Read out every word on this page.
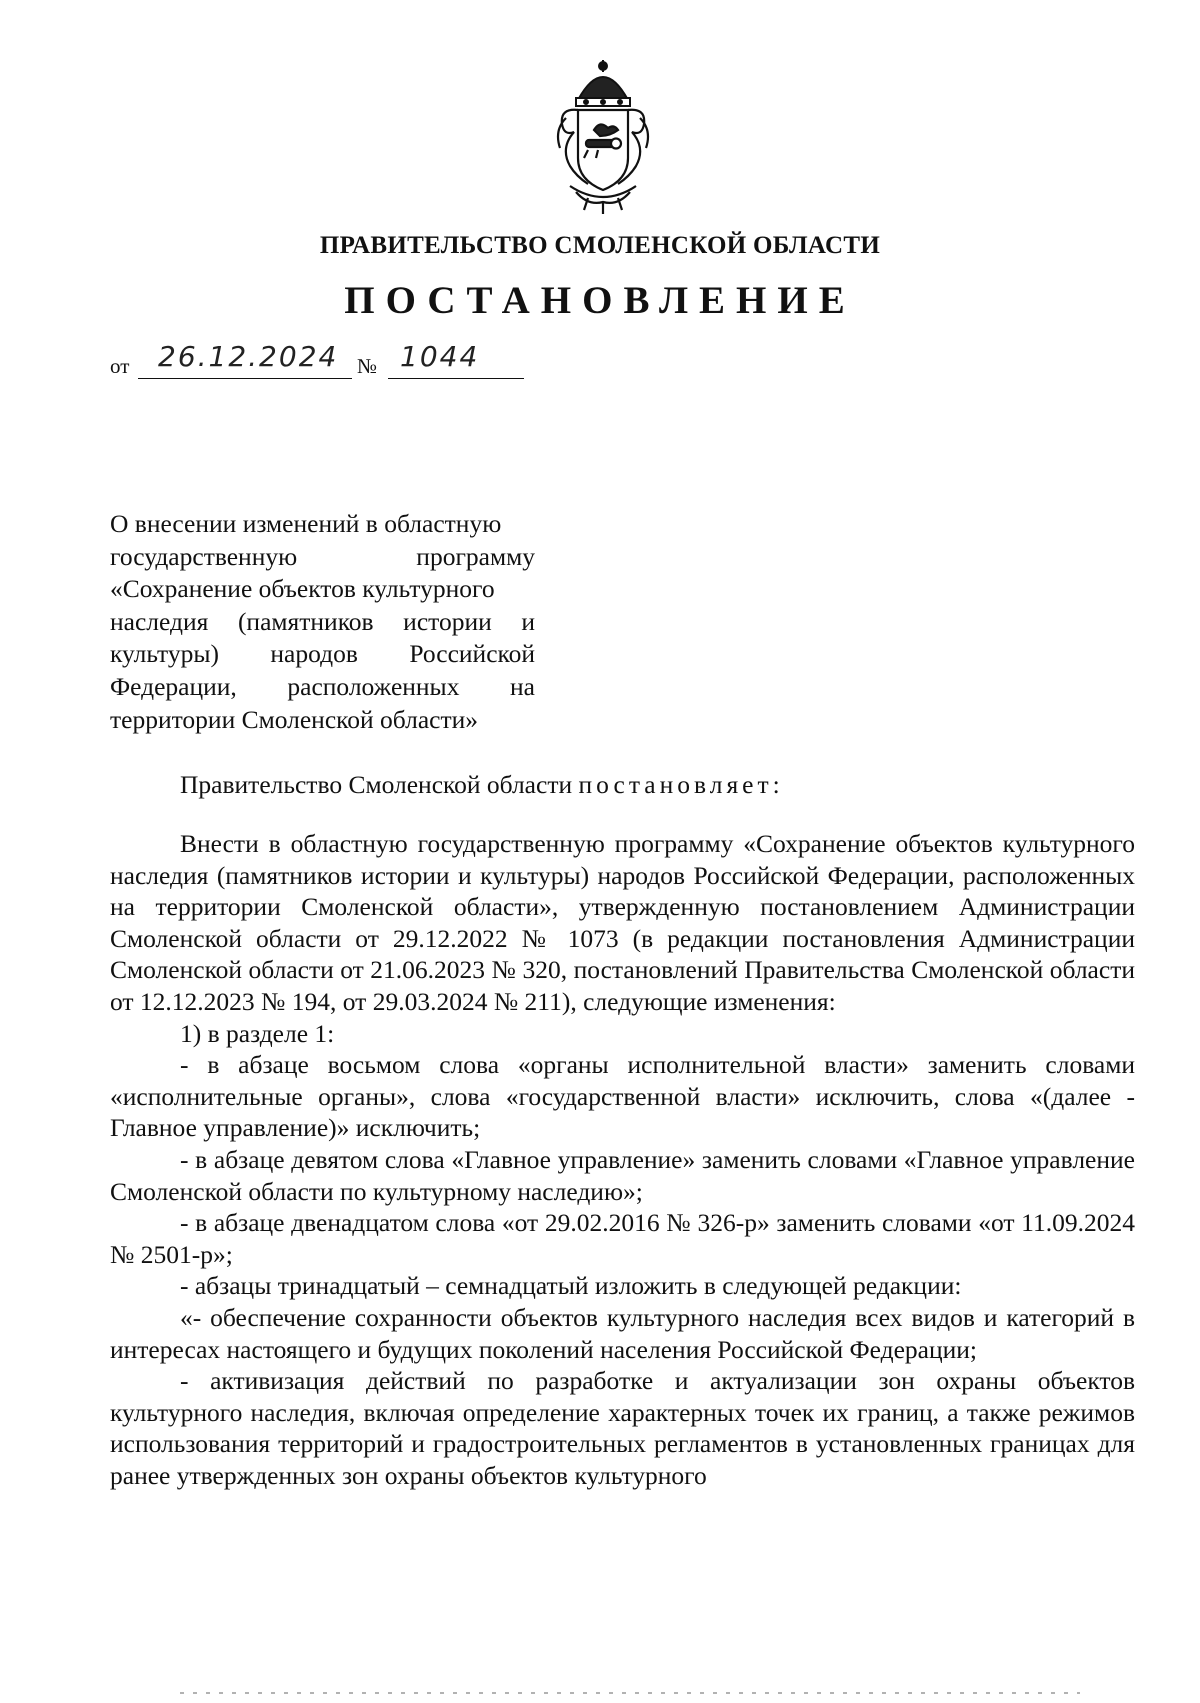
ПРАВИТЕЛЬСТВО СМОЛЕНСКОЙ ОБЛАСТИ
ПОСТАНОВЛЕНИЕ
от 26.12.2024 № 1044
О внесении изменений в областную
государственную программу
«Сохранение объектов культурного
наследия (памятников истории и
культуры) народов Российской
Федерации, расположенных на
территории Смоленской области»
Правительство Смоленской области постановляет:

Внести в областную государственную программу «Сохранение объектов культурного наследия (памятников истории и культуры) народов Российской Федерации, расположенных на территории Смоленской области», утвержденную постановлением Администрации Смоленской области от 29.12.2022 № 1073 (в редакции постановления Администрации Смоленской области от 21.06.2023 № 320, постановлений Правительства Смоленской области от 12.12.2023 № 194, от 29.03.2024 № 211), следующие изменения:

1) в разделе 1:

- в абзаце восьмом слова «органы исполнительной власти» заменить словами «исполнительные органы», слова «государственной власти» исключить, слова «(далее - Главное управление)» исключить;

- в абзаце девятом слова «Главное управление» заменить словами «Главное управление Смоленской области по культурному наследию»;

- в абзаце двенадцатом слова «от 29.02.2016 № 326-р» заменить словами «от 11.09.2024 № 2501-р»;

- абзацы тринадцатый – семнадцатый изложить в следующей редакции:

«- обеспечение сохранности объектов культурного наследия всех видов и категорий в интересах настоящего и будущих поколений населения Российской Федерации;

- активизация действий по разработке и актуализации зон охраны объектов культурного наследия, включая определение характерных точек их границ, а также режимов использования территорий и градостроительных регламентов в установленных границах для ранее утвержденных зон охраны объектов культурного
